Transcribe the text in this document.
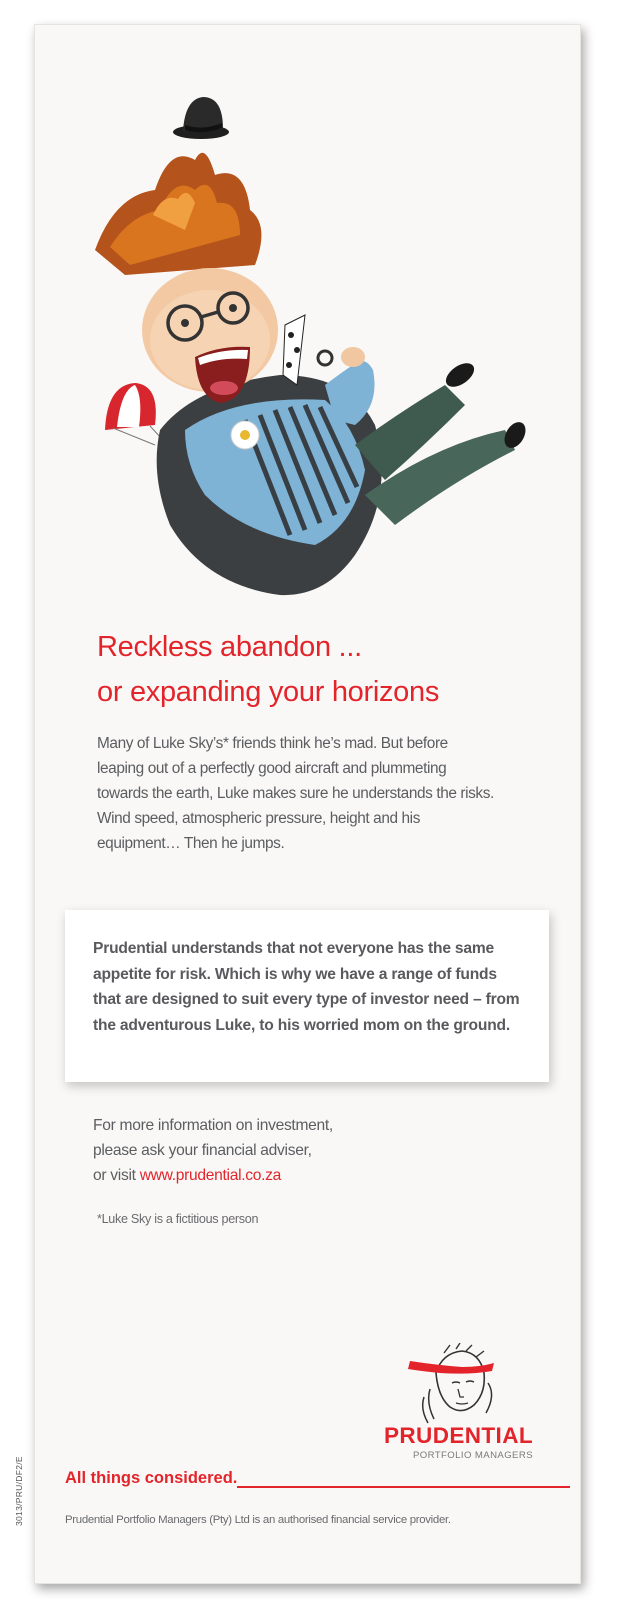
Reckless abandon ...
or expanding your horizons
Many of Luke Sky’s* friends think he’s mad. But before
leaping out of a perfectly good aircraft and plummeting
towards the earth, Luke makes sure he understands the risks.
Wind speed, atmospheric pressure, height and his
equipment… Then he jumps.

Prudential understands that not everyone has the same appetite for risk. Which is why we have a range of funds that are designed to suit every type of investor need – from the adventurous Luke, to his worried mom on the ground.

For more information on investment,
please ask your financial adviser,
or visit www.prudential.co.za
*Luke Sky is a fictitious person
PRUDENTIAL
PORTFOLIO MANAGERS
All things considered.
Prudential Portfolio Managers (Pty) Ltd is an authorised financial service provider.
3013/PRU/DF2/E
